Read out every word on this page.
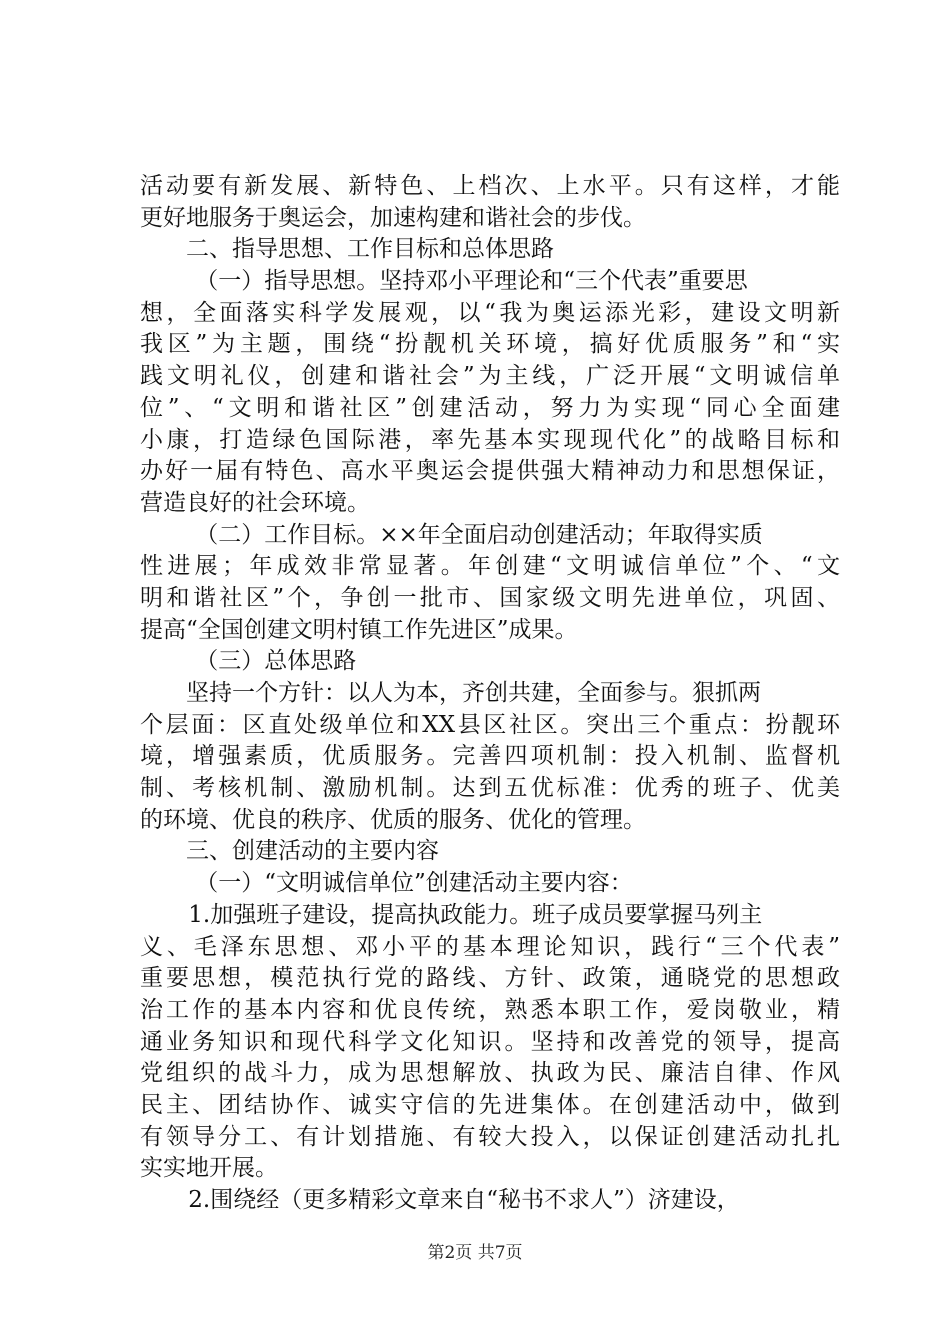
活动要有新发展、新特色、上档次、上水平。只有这样，才能
更好地服务于奥运会，加速构建和谐社会的步伐。
二、指导思想、工作目标和总体思路
（一）指导思想。坚持邓小平理论和“三个代表”重要思
想，全面落实科学发展观，以“我为奥运添光彩，建设文明新
我区”为主题，围绕“扮靓机关环境，搞好优质服务”和“实
践文明礼仪，创建和谐社会”为主线，广泛开展“文明诚信单
位”、“文明和谐社区”创建活动，努力为实现“同心全面建
小康，打造绿色国际港，率先基本实现现代化”的战略目标和
办好一届有特色、高水平奥运会提供强大精神动力和思想保证，
营造良好的社会环境。
（二）工作目标。××年全面启动创建活动；年取得实质
性进展；年成效非常显著。年创建“文明诚信单位”个、“文
明和谐社区”个，争创一批市、国家级文明先进单位，巩固、
提高“全国创建文明村镇工作先进区”成果。
（三）总体思路
坚持一个方针：以人为本，齐创共建，全面参与。狠抓两
个层面：区直处级单位和XX县区社区。突出三个重点：扮靓环
境，增强素质，优质服务。完善四项机制：投入机制、监督机
制、考核机制、激励机制。达到五优标准：优秀的班子、优美
的环境、优良的秩序、优质的服务、优化的管理。
三、创建活动的主要内容
（一）“文明诚信单位”创建活动主要内容：
1.加强班子建设，提高执政能力。班子成员要掌握马列主
义、毛泽东思想、邓小平的基本理论知识，践行“三个代表”
重要思想，模范执行党的路线、方针、政策，通晓党的思想政
治工作的基本内容和优良传统，熟悉本职工作，爱岗敬业，精
通业务知识和现代科学文化知识。坚持和改善党的领导，提高
党组织的战斗力，成为思想解放、执政为民、廉洁自律、作风
民主、团结协作、诚实守信的先进集体。在创建活动中，做到
有领导分工、有计划措施、有较大投入，以保证创建活动扎扎
实实地开展。
2.围绕经（更多精彩文章来自“秘书不求人”）济建设，
第2页 共7页
